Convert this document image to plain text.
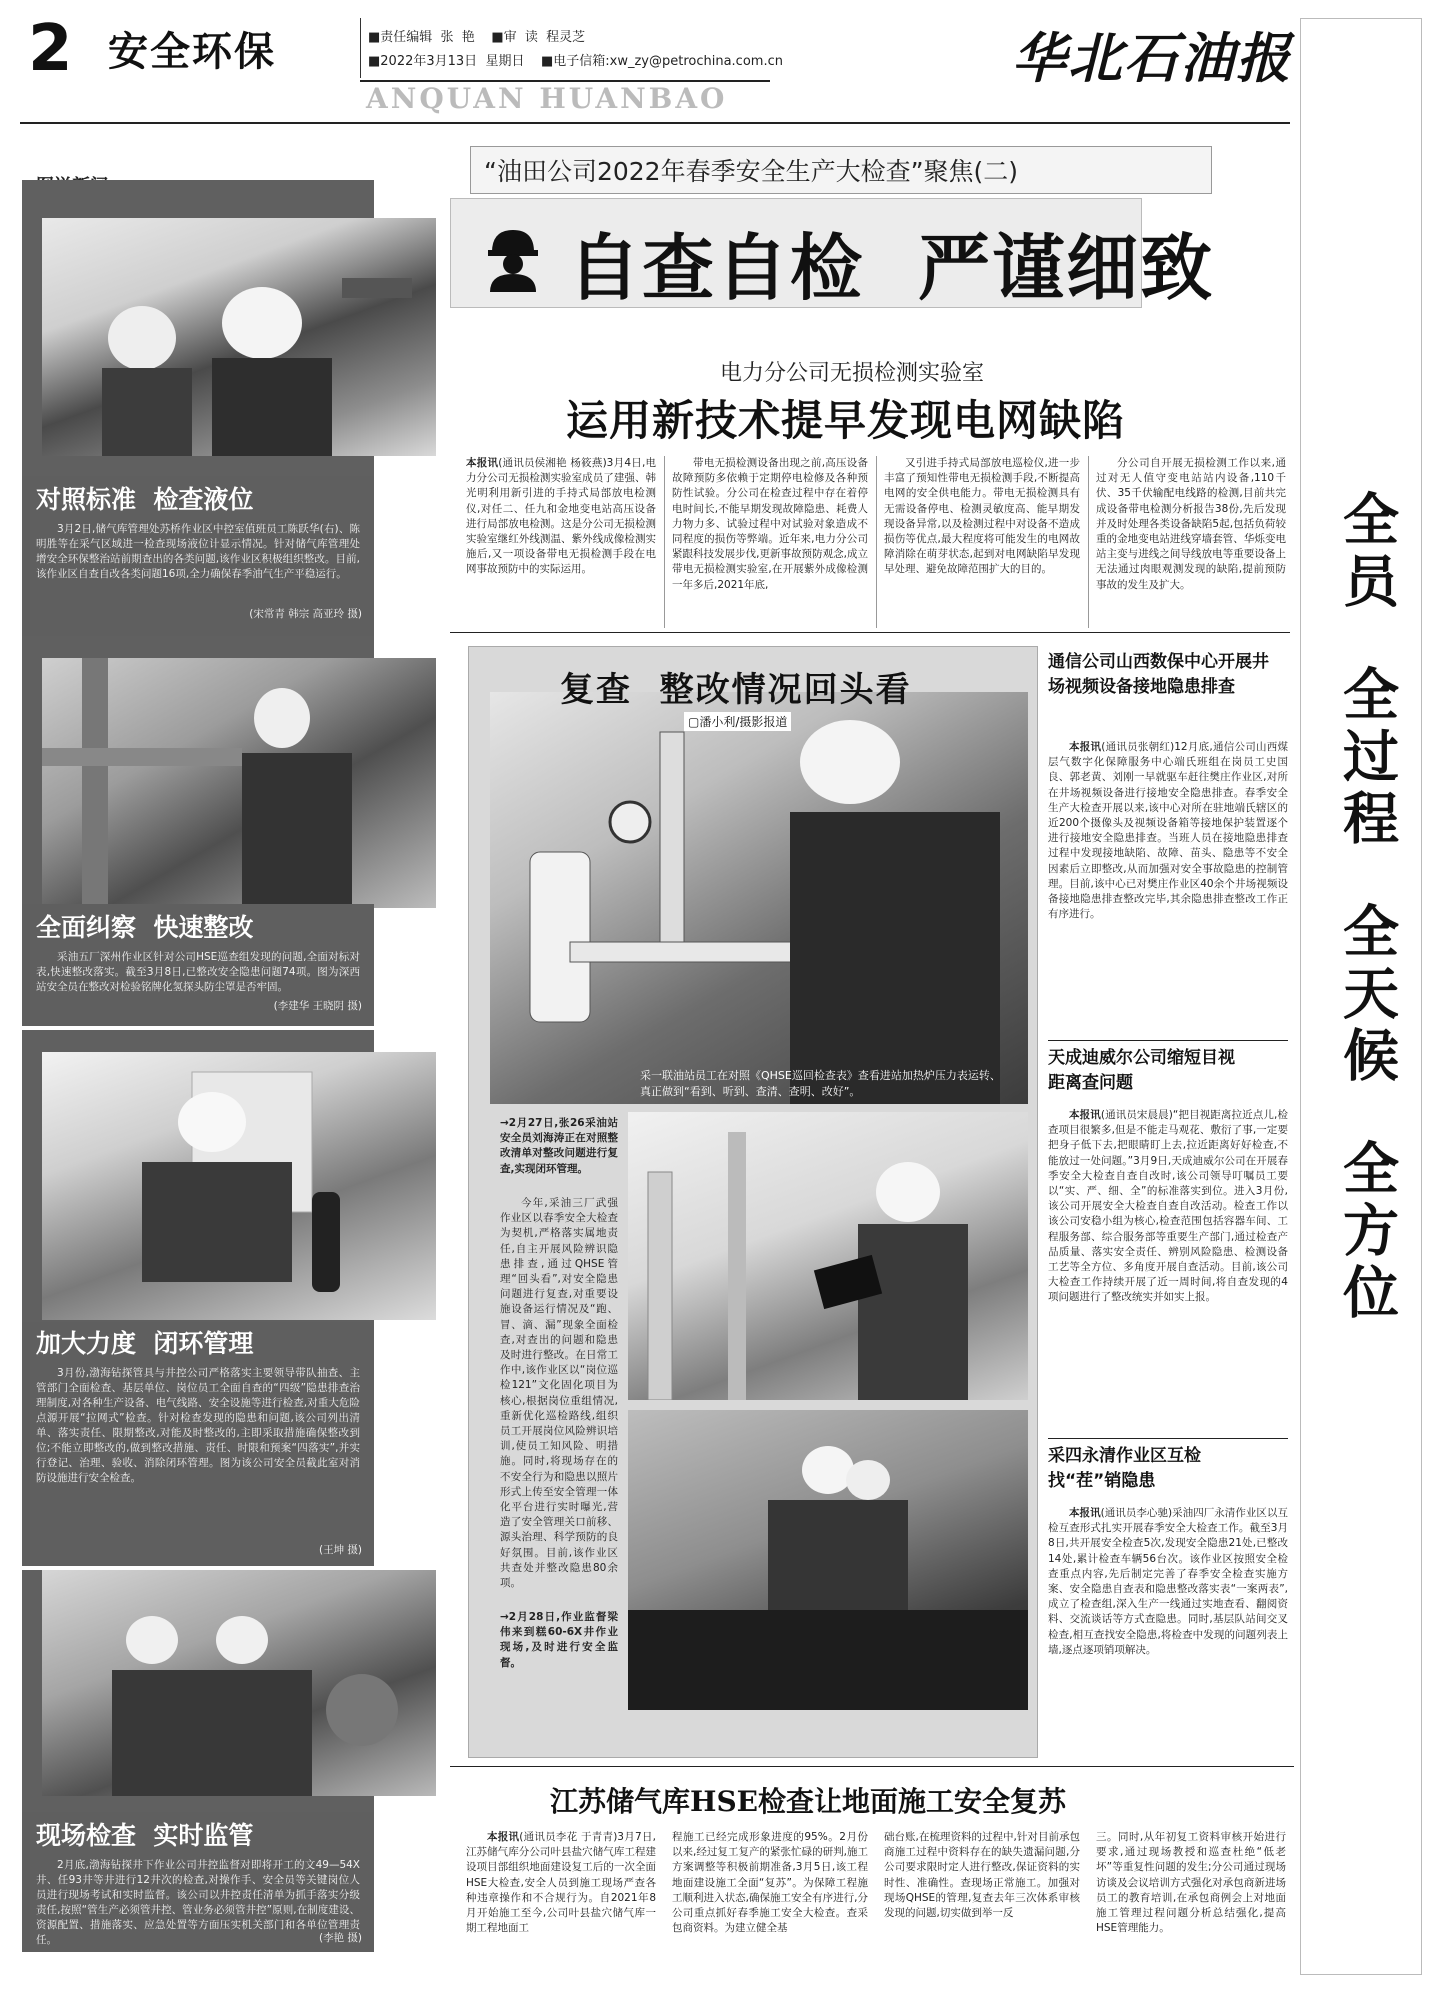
2 安全环保	■责任编辑  张  艳    ■审  读  程灵芝
■2022年3月13日  星期日    ■电子信箱:xw_zy@petrochina.com.cn
ANQUAN HUANBAO
华北石油报
对照标准  检查液位
3月2日,储气库管理处苏桥作业区中控室值班员工陈跃华(右)、陈明胜等在采气区域进一检查现场液位计显示情况。针对储气库管理处增安全环保整治站前期查出的各类问题,该作业区积极组织整改。目前,该作业区自查自改各类问题16项,全力确保春季油气生产平稳运行。
(宋常青 韩宗 高亚玲 摄)
全面纠察  快速整改
采油五厂深州作业区针对公司HSE巡查组发现的问题,全面对标对表,快速整改落实。截至3月8日,已整改安全隐患问题74项。图为深西站安全员在整改对检验铭牌化氢探头防尘罩是否牢固。
(李建华 王晓阴 摄)
加大力度  闭环管理
3月份,渤海钻探管具与井控公司严格落实主要领导带队抽查、主管部门全面检查、基层单位、岗位员工全面自查的“四级”隐患排查治理制度,对各种生产设备、电气线路、安全设施等进行检查,对重大危险点源开展“拉网式”检查。针对检查发现的隐患和问题,该公司列出清单、落实责任、限期整改,对能及时整改的,主即采取措施确保整改到位;不能立即整改的,做到整改措施、责任、时限和预案“四落实”,并实行登记、治理、验收、消除闭环管理。图为该公司安全员截此室对消防设施进行安全检查。
(王坤 摄)
现场检查  实时监管
2月底,渤海钻探井下作业公司井控监督对即将开工的文49—54X井、任93井等井进行12井次的检查,对操作手、安全员等关键岗位人员进行现场考试和实时监督。该公司以井控责任清单为抓手落实分级责任,按照“管生产必须管井控、管业务必须管井控”原则,在制度建设、资源配置、措施落实、应急处置等方面压实机关部门和各单位管理责任。	(李艳 摄)
“油田公司2022年春季安全生产大检查”聚焦(二)
自查自检  严谨细致
电力分公司无损检测实验室
运用新技术提早发现电网缺陷
本报讯(通讯员侯湘艳 杨筱燕)3月4日,电力分公司无损检测实验室成员了建强、韩光明利用新引进的手持式局部放电检测仪,对任二、任九和金地变电站高压设备进行局部放电检测。这是分公司无损检测实验室继红外线测温、紫外线成像检测实施后,又一项设备带电无损检测手段在电网事故预防中的实际运用。

带电无损检测设备出现之前,高压设备故障预防多依赖于定期停电检修及各种预防性试验。分公司在检查过程中存在着停电时间长,不能早期发现故障隐患、耗费人力物力多、试验过程中对试验对象造成不同程度的损伤等弊端。近年来,电力分公司紧跟科技发展步伐,更新事故预防观念,成立带电无损检测实验室,在开展紫外成像检测一年多后,2021年底,

又引进手持式局部放电巡检仪,进一步丰富了预知性带电无损检测手段,不断提高电网的安全供电能力。带电无损检测具有无需设备停电、检测灵敏度高、能早期发现设备异常,以及检测过程中对设备不造成损伤等优点,最大程度将可能发生的电网故障消除在萌芽状态,起到对电网缺陷早发现早处理、避免故障范围扩大的目的。

分公司自开展无损检测工作以来,通过对无人值守变电站站内设备,110千伏、35千伏输配电线路的检测,目前共完成设备带电检测分析报告38份,先后发现并及时处理各类设备缺陷5起,包括负荷较重的金地变电站进线穿墙套管、华烁变电站主变与进线之间导线放电等重要设备上无法通过肉眼观测发现的缺陷,提前预防事故的发生及扩大。	全员  全过程  全天候  全方位
复查  整改情况回头看
▢潘小利/摄影报道
采一联油站员工在对照《QHSE巡回检查表》查看进站加热炉压力表运转、真正做到“看到、听到、查清、查明、改好”。
→2月27日,张26采油站安全员刘海涛正在对照整改清单对整改问题进行复查,实现闭环管理。
今年,采油三厂武强作业区以春季安全大检查为契机,严格落实属地责任,自主开展风险辨识隐患排查,通过QHSE管理“回头看”,对安全隐患问题进行复查,对重要设施设备运行情况及“跑、冒、滴、漏”现象全面检查,对查出的问题和隐患及时进行整改。在日常工作中,该作业区以“岗位巡检121”文化固化项目为核心,根据岗位重组情况,重新优化巡检路线,组织员工开展岗位风险辨识培训,使员工知风险、明措施。同时,将现场存在的不安全行为和隐患以照片形式上传至安全管理一体化平台进行实时曝光,营造了安全管理关口前移、源头治理、科学预防的良好氛围。目前,该作业区共查处并整改隐患80余项。
→2月28日,作业监督梁伟来到糕60-6X井作业现场,及时进行安全监督。
通信公司山西数保中心开展井场视频设备接地隐患排查
本报讯(通讯员张朝红)12月底,通信公司山西煤层气数字化保障服务中心端氏班组在岗员工史国良、郭老黄、刘刚一早就驱车赶往樊庄作业区,对所在井场视频设备进行接地安全隐患排查。春季安全生产大检查开展以来,该中心对所在驻地端氏辖区的近200个摄像头及视频设备箱等接地保护装置逐个进行接地安全隐患排查。当班人员在接地隐患排查过程中发现接地缺陷、故障、苗头、隐患等不安全因素后立即整改,从而加强对安全事故隐患的控制管理。目前,该中心已对樊庄作业区40余个井场视频设备接地隐患排查整改完毕,其余隐患排查整改工作正有序进行。
天成迪威尔公司缩短目视距离查问题
本报讯(通讯员宋晨晨)“把目视距离拉近点儿,检查项目很繁多,但是不能走马观花、敷衍了事,一定要把身子低下去,把眼睛盯上去,拉近距离好好检查,不能放过一处问题。”3月9日,天成迪威尔公司在开展春季安全大检查自查自改时,该公司领导叮嘱员工要以“实、严、细、全”的标准落实到位。进入3月份,该公司开展安全大检查自查自改活动。检查工作以该公司安稳小组为核心,检查范围包括容器车间、工程服务部、综合服务部等重要生产部门,通过检查产品质量、落实安全责任、辨别风险隐患、检测设备工艺等全方位、多角度开展自查活动。目前,该公司大检查工作持续开展了近一周时间,将自查发现的4项问题进行了整改统实并如实上报。
采四永清作业区互检找“茬”销隐患
本报讯(通讯员李心驰)采油四厂永清作业区以互检互查形式扎实开展春季安全大检查工作。截至3月8日,共开展安全检查5次,发现安全隐患21处,已整改14处,累计检查车辆56台次。该作业区按照安全检查重点内容,先后制定完善了春季安全检查实施方案、安全隐患自查表和隐患整改落实表“一案两表”,成立了检查组,深入生产一线通过实地查看、翻阅资料、交流谈话等方式查隐患。同时,基层队站间交叉检查,相互查找安全隐患,将检查中发现的问题列表上墙,逐点逐项销项解决。
江苏储气库HSE检查让地面施工安全复苏
本报讯(通讯员李花 于青青)3月7日,江苏储气库分公司叶县盐穴储气库工程建设项目部组织地面建设复工后的一次全面HSE大检查,安全人员到施工现场严查各种违章操作和不合规行为。自2021年8月开始施工至今,公司叶县盐穴储气库一期工程地面工
程施工已经完成形象进度的95%。2月份以来,经过复工复产的紧张忙碌的研判,施工方案调整等积极前期准备,3月5日,该工程地面建设施工全面“复苏”。为保障工程施工顺利进入状态,确保施工安全有序进行,分公司重点抓好春季施工安全大检查。查采包商资料。为建立健全基
础台账,在梳理资料的过程中,针对目前承包商施工过程中资料存在的缺失遗漏问题,分公司要求限时定人进行整改,保证资料的实时性、准确性。查现场正常施工。加强对现场QHSE的管理,复查去年三次体系审核发现的问题,切实做到举一反
三。同时,从年初复工资料审核开始进行要求,通过现场教授和巡查杜绝“低老坏”等重复性问题的发生;分公司通过现场访谈及会议培训方式强化对承包商新进场员工的教育培训,在承包商例会上对地面施工管理过程问题分析总结强化,提高HSE管理能力。
